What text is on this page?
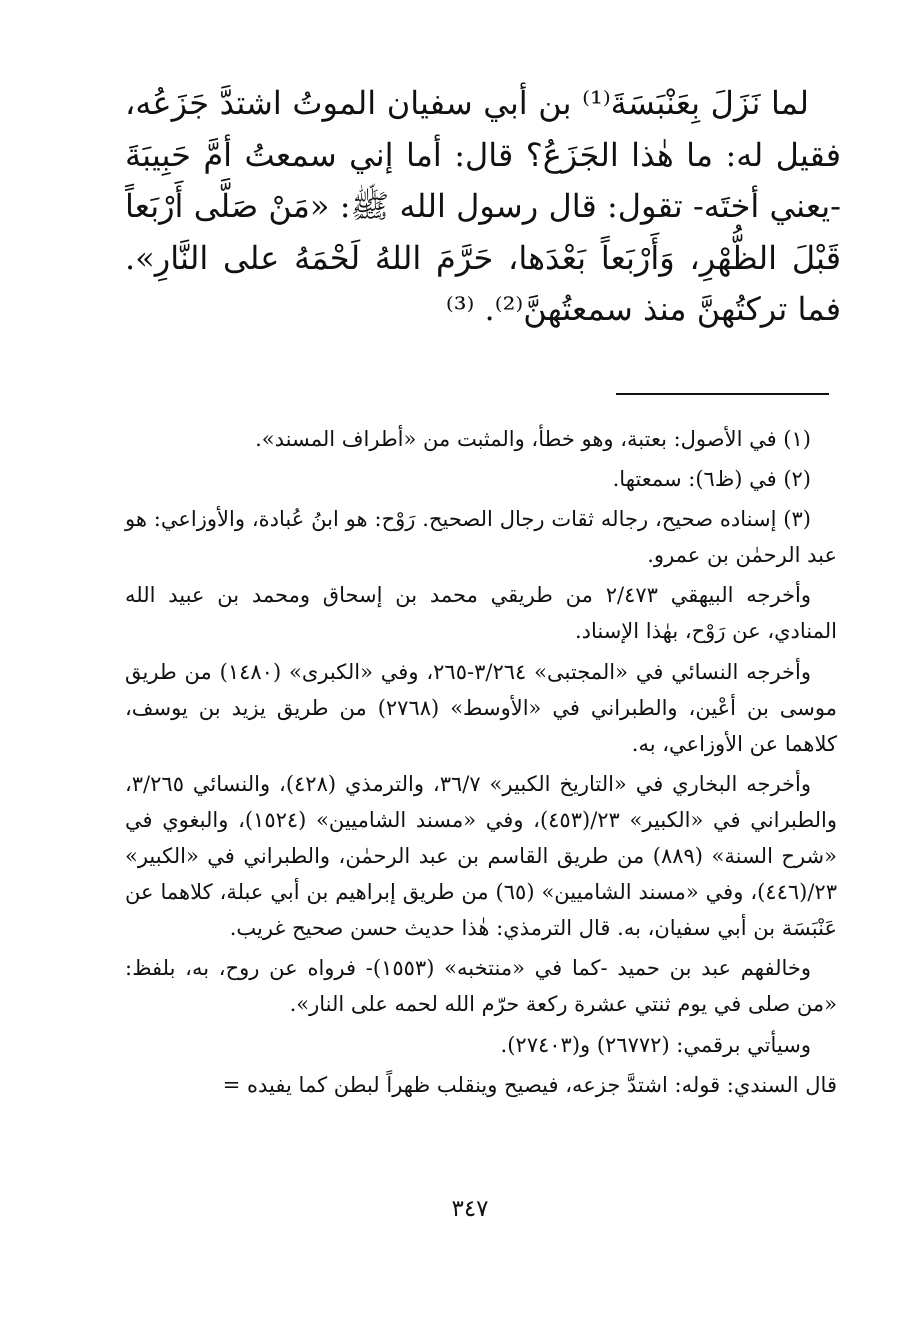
لما نَزَلَ بِعَنْبَسَةَ⁽¹⁾ بن أبي سفيان الموتُ اشتدَّ جَزَعُه، فقيل له: ما هٰذا الجَزَعُ؟ قال: أما إني سمعتُ أمَّ حَبِيبَةَ -يعني أختَه- تقول: قال رسول الله ﷺ: «مَنْ صَلَّى أَرْبَعاً قَبْلَ الظُّهْرِ، وَأَرْبَعاً بَعْدَها، حَرَّمَ اللهُ لَحْمَهُ على النَّارِ». فما تركتُهنَّ منذ سمعتُهنَّ⁽²⁾. ⁽³⁾

(١) في الأصول: بعتبة، وهو خطأ، والمثبت من «أطراف المسند».

(٢) في (ظ٦): سمعتها.

(٣) إسناده صحيح، رجاله ثقات رجال الصحيح. رَوْح: هو ابنُ عُبادة، والأوزاعي: هو عبد الرحمٰن بن عمرو.

وأخرجه البيهقي ٢/٤٧٣ من طريقي محمد بن إسحاق ومحمد بن عبيد الله المنادي، عن رَوْح، بهٰذا الإسناد.

وأخرجه النسائي في «المجتبى» ٣/٢٦٤-٢٦٥، وفي «الكبرى» (١٤٨٠) من طريق موسى بن أعْين، والطبراني في «الأوسط» (٢٧٦٨) من طريق يزيد بن يوسف، كلاهما عن الأوزاعي، به.

وأخرجه البخاري في «التاريخ الكبير» ٣٦/٧، والترمذي (٤٢٨)، والنسائي ٣/٢٦٥، والطبراني في «الكبير» ٢٣/(٤٥٣)، وفي «مسند الشاميين» (١٥٢٤)، والبغوي في «شرح السنة» (٨٨٩) من طريق القاسم بن عبد الرحمٰن، والطبراني في «الكبير» ٢٣/(٤٤٦)، وفي «مسند الشاميين» (٦٥) من طريق إبراهيم بن أبي عبلة، كلاهما عن عَنْبَسَة بن أبي سفيان، به. قال الترمذي: هٰذا حديث حسن صحيح غريب.

وخالفهم عبد بن حميد -كما في «منتخبه» (١٥٥٣)- فرواه عن روح، به، بلفظ: «من صلى في يوم ثنتي عشرة ركعة حرّم الله لحمه على النار».

وسيأتي برقمي: (٢٦٧٧٢) و(٢٧٤٠٣).

قال السندي: قوله: اشتدَّ جزعه، فيصيح وينقلب ظهراً لبطن كما يفيده =

٣٤٧
